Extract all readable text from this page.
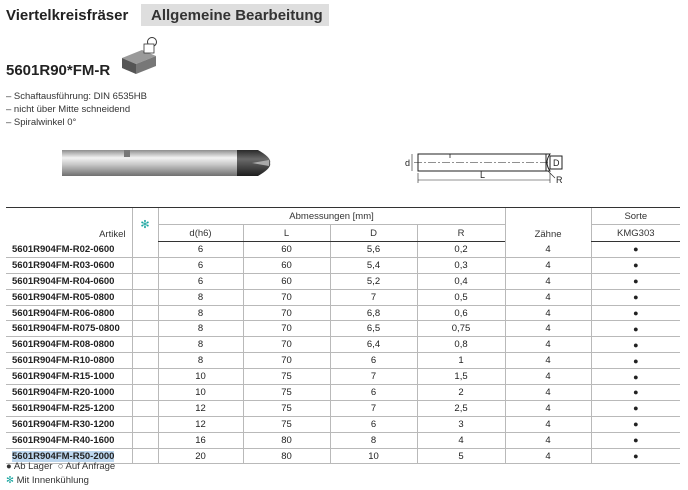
Viertelkreisfräser	Allgemeine Bearbeitung
5601R90*FM-R
– Schaftausführung: DIN 6535HB
– nicht über Mitte schneidend
– Spiralwinkel 0°
d	D
L	R
Artikel	✻	Abmessungen [mm]				Zähne	Sorte
		d(h6)	L	D	R		KMG303
5601R904FM-R02-0600		6	60	5,6	0,2	4	●
5601R904FM-R03-0600		6	60	5,4	0,3	4	●
5601R904FM-R04-0600		6	60	5,2	0,4	4	●
5601R904FM-R05-0800		8	70	7	0,5	4	●
5601R904FM-R06-0800		8	70	6,8	0,6	4	●
5601R904FM-R075-0800		8	70	6,5	0,75	4	●
5601R904FM-R08-0800		8	70	6,4	0,8	4	●
5601R904FM-R10-0800		8	70	6	1	4	●
5601R904FM-R15-1000		10	75	7	1,5	4	●
5601R904FM-R20-1000		10	75	6	2	4	●
5601R904FM-R25-1200		12	75	7	2,5	4	●
5601R904FM-R30-1200		12	75	6	3	4	●
5601R904FM-R40-1600		16	80	8	4	4	●
5601R904FM-R50-2000		20	80	10	5	4	●
● Ab Lager ○ Auf Anfrage
✻ Mit Innenkühlung
